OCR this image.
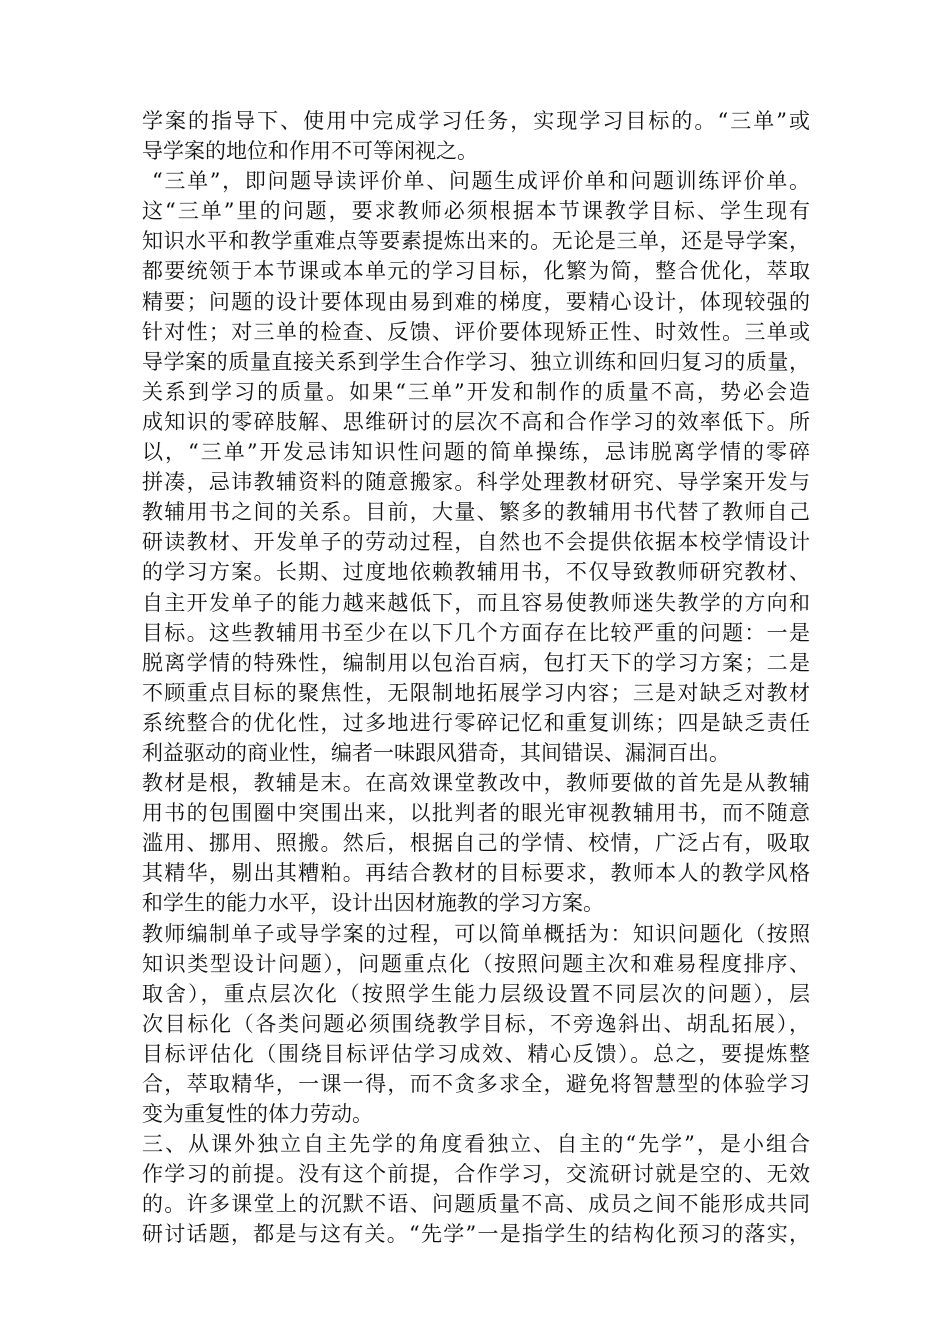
学案的指导下、使用中完成学习任务，实现学习目标的。“三单”或
导学案的地位和作用不可等闲视之。
“三单”，即问题导读评价单、问题生成评价单和问题训练评价单。
这“三单”里的问题，要求教师必须根据本节课教学目标、学生现有
知识水平和教学重难点等要素提炼出来的。无论是三单，还是导学案，
都要统领于本节课或本单元的学习目标，化繁为简，整合优化，萃取
精要；问题的设计要体现由易到难的梯度，要精心设计，体现较强的
针对性；对三单的检查、反馈、评价要体现矫正性、时效性。三单或
导学案的质量直接关系到学生合作学习、独立训练和回归复习的质量，
关系到学习的质量。如果“三单”开发和制作的质量不高，势必会造
成知识的零碎肢解、思维研讨的层次不高和合作学习的效率低下。所
以，“三单”开发忌讳知识性问题的简单操练，忌讳脱离学情的零碎
拼凑，忌讳教辅资料的随意搬家。科学处理教材研究、导学案开发与
教辅用书之间的关系。目前，大量、繁多的教辅用书代替了教师自己
研读教材、开发单子的劳动过程，自然也不会提供依据本校学情设计
的学习方案。长期、过度地依赖教辅用书，不仅导致教师研究教材、
自主开发单子的能力越来越低下，而且容易使教师迷失教学的方向和
目标。这些教辅用书至少在以下几个方面存在比较严重的问题：一是
脱离学情的特殊性，编制用以包治百病，包打天下的学习方案；二是
不顾重点目标的聚焦性，无限制地拓展学习内容；三是对缺乏对教材
系统整合的优化性，过多地进行零碎记忆和重复训练；四是缺乏责任
利益驱动的商业性，编者一味跟风猎奇，其间错误、漏洞百出。
教材是根，教辅是末。在高效课堂教改中，教师要做的首先是从教辅
用书的包围圈中突围出来，以批判者的眼光审视教辅用书，而不随意
滥用、挪用、照搬。然后，根据自己的学情、校情，广泛占有，吸取
其精华，剔出其糟粕。再结合教材的目标要求，教师本人的教学风格
和学生的能力水平，设计出因材施教的学习方案。
教师编制单子或导学案的过程，可以简单概括为：知识问题化（按照
知识类型设计问题），问题重点化（按照问题主次和难易程度排序、
取舍），重点层次化（按照学生能力层级设置不同层次的问题），层
次目标化（各类问题必须围绕教学目标，不旁逸斜出、胡乱拓展），
目标评估化（围绕目标评估学习成效、精心反馈）。总之，要提炼整
合，萃取精华，一课一得，而不贪多求全，避免将智慧型的体验学习
变为重复性的体力劳动。
三、从课外独立自主先学的角度看独立、自主的“先学”，是小组合
作学习的前提。没有这个前提，合作学习，交流研讨就是空的、无效
的。许多课堂上的沉默不语、问题质量不高、成员之间不能形成共同
研讨话题，都是与这有关。“先学”一是指学生的结构化预习的落实，
